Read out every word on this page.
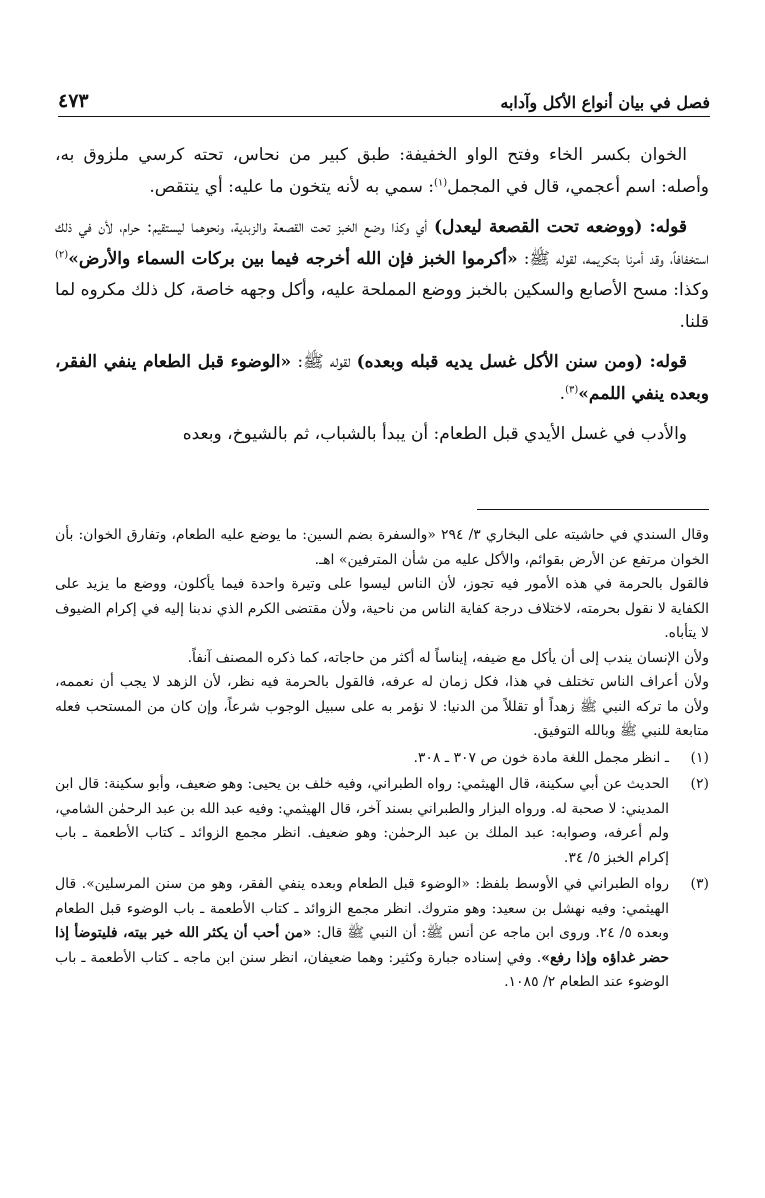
فصل في بيان أنواع الأكل وآدابه
٤٧٣

الخوان بكسر الخاء وفتح الواو الخفيفة: طبق كبير من نحاس، تحته كرسي ملزوق به، وأصله: اسم أعجمي، قال في المجمل$^{(١)}$: سمي به لأنه يتخون ما عليه: أي ينتقص.

قوله: (ووضعه تحت القصعة ليعدل) أي وكذا وضع الخبز تحت القصعة والزبدية، ونحوهما ليستقيم: حرام، لأن في ذلك استخفافاً، وقد أمرنا بتكريمه، لقوله ﷺ: «أكرموا الخبز فإن الله أخرجه فيما بين بركات السماء والأرض»$^{(٢)}$ وكذا: مسح الأصابع والسكين بالخبز ووضع المملحة عليه، وأكل وجهه خاصة، كل ذلك مكروه لما قلنا.

قوله: (ومن سنن الأكل غسل يديه قبله وبعده) لقوله ﷺ: «الوضوء قبل الطعام ينفي الفقر، وبعده ينفي اللمم»$^{(٣)}$.

والأدب في غسل الأيدي قبل الطعام: أن يبدأ بالشباب، ثم بالشيوخ، وبعده

وقال السندي في حاشيته على البخاري ٣/ ٢٩٤ «والسفرة بضم السين: ما يوضع عليه الطعام، وتفارق الخوان: بأن الخوان مرتفع عن الأرض بقوائم، والأكل عليه من شأن المترفين» اهـ.

فالقول بالحرمة في هذه الأمور فيه تجوز، لأن الناس ليسوا على وتيرة واحدة فيما يأكلون، ووضع ما يزيد على الكفاية لا نقول بحرمته، لاختلاف درجة كفاية الناس من ناحية، ولأن مقتضى الكرم الذي ندبنا إليه في إكرام الضيوف لا يتأباه.

ولأن الإنسان يندب إلى أن يأكل مع ضيفه، إيناساً له أكثر من حاجاته، كما ذكره المصنف آنفاً.

ولأن أعراف الناس تختلف في هذا، فكل زمان له عرفه، فالقول بالحرمة فيه نظر، لأن الزهد لا يجب أن نعممه، ولأن ما تركه النبي ﷺ زهداً أو تقللاً من الدنيا: لا نؤمر به على سبيل الوجوب شرعاً، وإن كان من المستحب فعله متابعة للنبي ﷺ وبالله التوفيق.

(١)
ـ انظر مجمل اللغة مادة خون ص ٣٠٧ ـ ٣٠٨.
(٢)
الحديث عن أبي سكينة، قال الهيثمي: رواه الطبراني، وفيه خلف بن يحيى: وهو ضعيف، وأبو سكينة: قال ابن المديني: لا صحبة له. ورواه البزار والطبراني بسند آخر، قال الهيثمي: وفيه عبد الله بن عبد الرحمٰن الشامي، ولم أعرفه، وصوابه: عبد الملك بن عبد الرحمٰن: وهو ضعيف. انظر مجمع الزوائد ـ كتاب الأطعمة ـ باب إكرام الخبز ٥/ ٣٤.
(٣)
رواه الطبراني في الأوسط بلفظ: «الوضوء قبل الطعام وبعده ينفي الفقر، وهو من سنن المرسلين». قال الهيثمي: وفيه نهشل بن سعيد: وهو متروك. انظر مجمع الزوائد ـ كتاب الأطعمة ـ باب الوضوء قبل الطعام وبعده ٥/ ٢٤. وروى ابن ماجه عن أنس ﷺ: أن النبي ﷺ قال: «من أحب أن يكثر الله خير بيته، فليتوضأ إذا حضر غداؤه وإذا رفع». وفي إسناده جبارة وكثير: وهما ضعيفان، انظر سنن ابن ماجه ـ كتاب الأطعمة ـ باب الوضوء عند الطعام ٢/ ١٠٨٥.
